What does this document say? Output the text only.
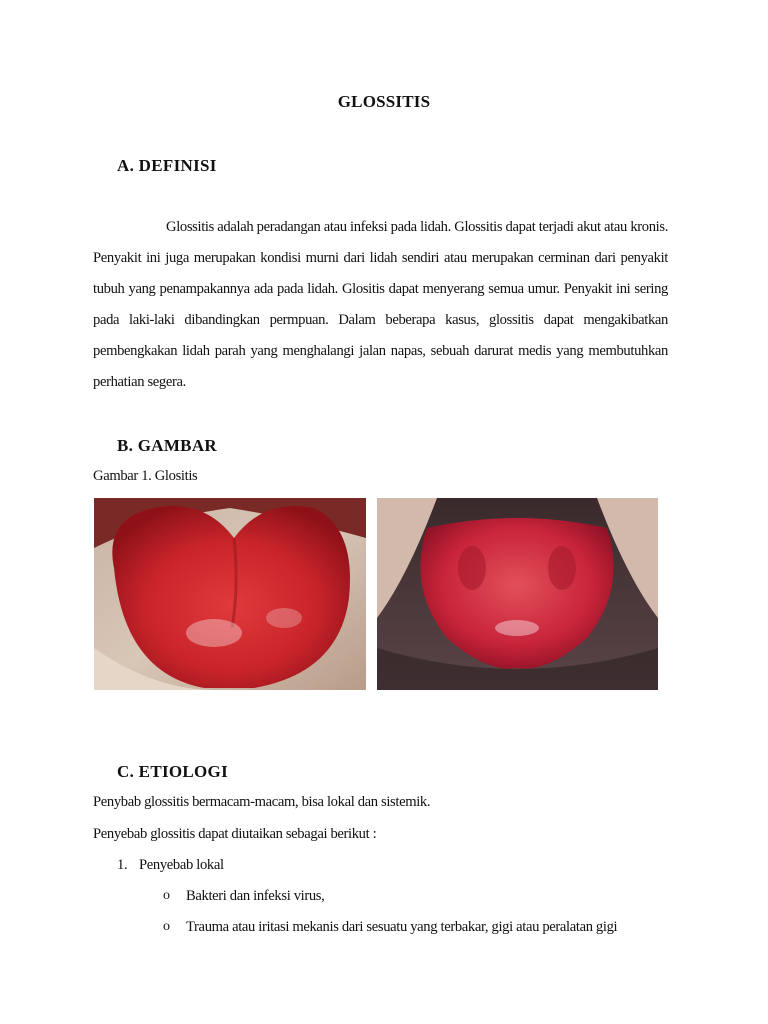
GLOSSITIS
A. DEFINISI

Glossitis adalah peradangan atau infeksi pada lidah. Glossitis dapat terjadi akut atau kronis. Penyakit ini juga merupakan kondisi murni dari lidah sendiri atau merupakan cerminan dari penyakit tubuh yang penampakannya ada pada lidah. Glositis dapat menyerang semua umur. Penyakit ini sering pada laki-laki dibandingkan permpuan. Dalam beberapa kasus, glossitis dapat mengakibatkan pembengkakan lidah parah yang menghalangi jalan napas, sebuah darurat medis yang membutuhkan perhatian segera.

B. GAMBAR
Gambar 1. Glositis
C. ETIOLOGI
Penybab glossitis bermacam-macam, bisa lokal dan sistemik.
Penyebab glossitis dapat diutaikan sebagai berikut :
1. Penyebab lokal
o Bakteri dan infeksi virus,
o Trauma atau iritasi mekanis dari sesuatu yang terbakar, gigi atau peralatan gigi
